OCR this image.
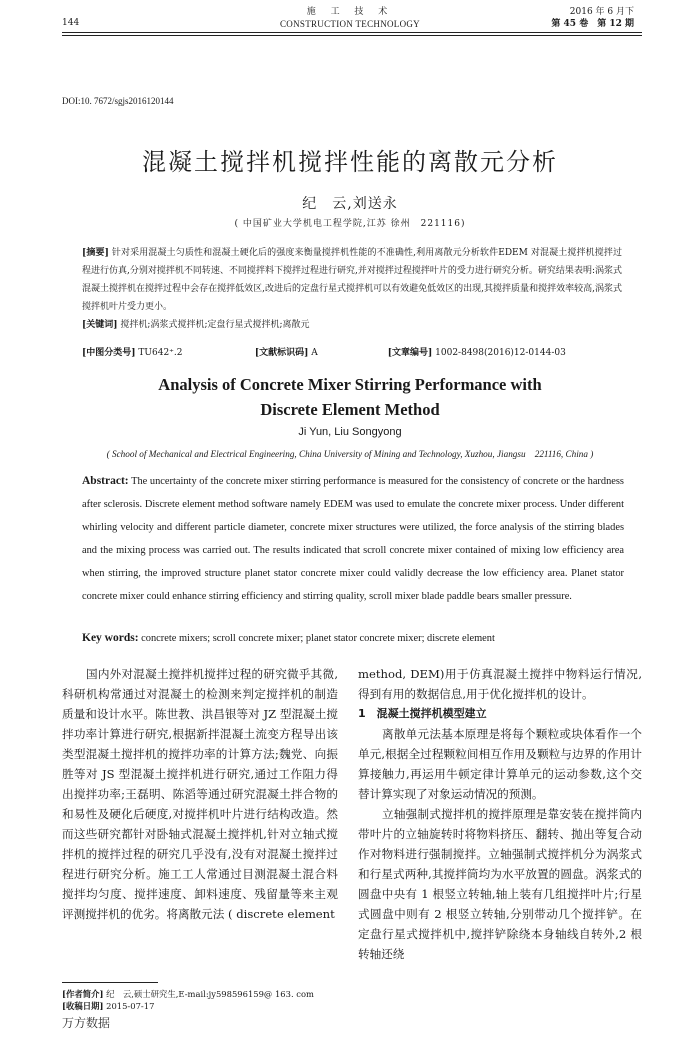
144
施 工 技 术
CONSTRUCTION TECHNOLOGY
2016 年 6 月下
第 45 卷　第 12 期
DOI:10. 7672/sgjs2016120144
混凝土搅拌机搅拌性能的离散元分析
纪　云,刘送永
( 中国矿业大学机电工程学院,江苏 徐州　221116)
[摘要] 针对采用混凝土匀质性和混凝土硬化后的强度来衡量搅拌机性能的不准确性,利用离散元分析软件EDEM 对混凝土搅拌机搅拌过程进行仿真,分别对搅拌机不同转速、不同搅拌料下搅拌过程进行研究,并对搅拌过程搅拌叶片的受力进行研究分析。研究结果表明:涡浆式混凝土搅拌机在搅拌过程中会存在搅拌低效区,改进后的定盘行星式搅拌机可以有效避免低效区的出现,其搅拌质量和搅拌效率较高,涡浆式搅拌机叶片受力更小。
[关键词] 搅拌机;涡浆式搅拌机;定盘行星式搅拌机;离散元
[中图分类号] TU642⁺.2	[文献标识码] A	[文章编号] 1002-8498(2016)12-0144-03
Analysis of Concrete Mixer Stirring Performance with
Discrete Element Method
Ji Yun, Liu Songyong
( School of Mechanical and Electrical Engineering, China University of Mining and Technology, Xuzhou, Jiangsu　221116, China )
Abstract: The uncertainty of the concrete mixer stirring performance is measured for the consistency of concrete or the hardness after sclerosis. Discrete element method software namely EDEM was used to emulate the concrete mixer process. Under different whirling velocity and different particle diameter, concrete mixer structures were utilized, the force analysis of the stirring blades and the mixing process was carried out. The results indicated that scroll concrete mixer contained of mixing low efficiency area when stirring, the improved structure planet stator concrete mixer could validly decrease the low efficiency area. Planet stator concrete mixer could enhance stirring efficiency and stirring quality, scroll mixer blade paddle bears smaller pressure.
Key words: concrete mixers; scroll concrete mixer; planet stator concrete mixer; discrete element
国内外对混凝土搅拌机搅拌过程的研究微乎其微,科研机构常通过对混凝土的检测来判定搅拌机的制造质量和设计水平。陈世教、洪昌银等对 JZ 型混凝土搅拌功率计算进行研究,根据新拌混凝土流变方程导出该类型混凝土搅拌机的搅拌功率的计算方法;魏党、向振胜等对 JS 型混凝土搅拌机进行研究,通过工作阻力得出搅拌功率;王磊明、陈滔等通过研究混凝土拌合物的和易性及硬化后硬度,对搅拌机叶片进行结构改造。然而这些研究都针对卧轴式混凝土搅拌机,针对立轴式搅拌机的搅拌过程的研究几乎没有,没有对混凝土搅拌过程进行研究分析。施工工人常通过目测混凝土混合料搅拌均匀度、搅拌速度、卸料速度、残留量等来主观评测搅拌机的优劣。将离散元法 ( discrete element

method, DEM)用于仿真混凝土搅拌中物料运行情况,得到有用的数据信息,用于优化搅拌机的设计。

1　混凝土搅拌机模型建立

离散单元法基本原理是将每个颗粒或块体看作一个单元,根据全过程颗粒间相互作用及颗粒与边界的作用计算接触力,再运用牛顿定律计算单元的运动参数,这个交替计算实现了对象运动情况的预测。

立轴强制式搅拌机的搅拌原理是靠安装在搅拌筒内带叶片的立轴旋转时将物料挤压、翻转、抛出等复合动作对物料进行强制搅拌。立轴强制式搅拌机分为涡浆式和行星式两种,其搅拌筒均为水平放置的圆盘。涡浆式的圆盘中央有 1 根竖立转轴,轴上装有几组搅拌叶片;行星式圆盘中则有 2 根竖立转轴,分别带动几个搅拌铲。在定盘行星式搅拌机中,搅拌铲除绕本身轴线自转外,2 根转轴还绕

[作者简介] 纪　云,硕士研究生,E-mail:jy598596159@ 163. com
[收稿日期] 2015-07-17
万方数据
